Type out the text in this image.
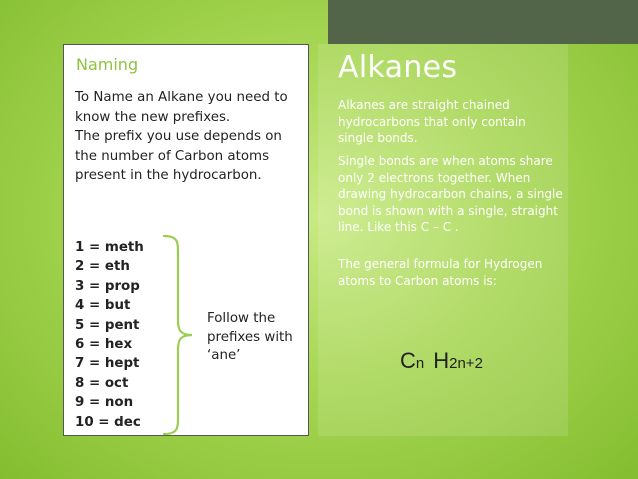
Naming

To Name an Alkane you need to know the new prefixes.
The prefix you use depends on the number of Carbon atoms present in the hydrocarbon.

1 = meth
2 = eth
3 = prop
4 = but
5 = pent
6 = hex
7 = hept
8 = oct
9 = non
10 = dec

Follow the prefixes with ‘ane’

Alkanes

Alkanes are straight chained hydrocarbons that only contain single bonds.

Single bonds are when atoms share only 2 electrons together. When drawing hydrocarbon chains, a single bond is shown with a single, straight line. Like this C – C .

The general formula for Hydrogen atoms to Carbon atoms is:

Cn H2n+2
